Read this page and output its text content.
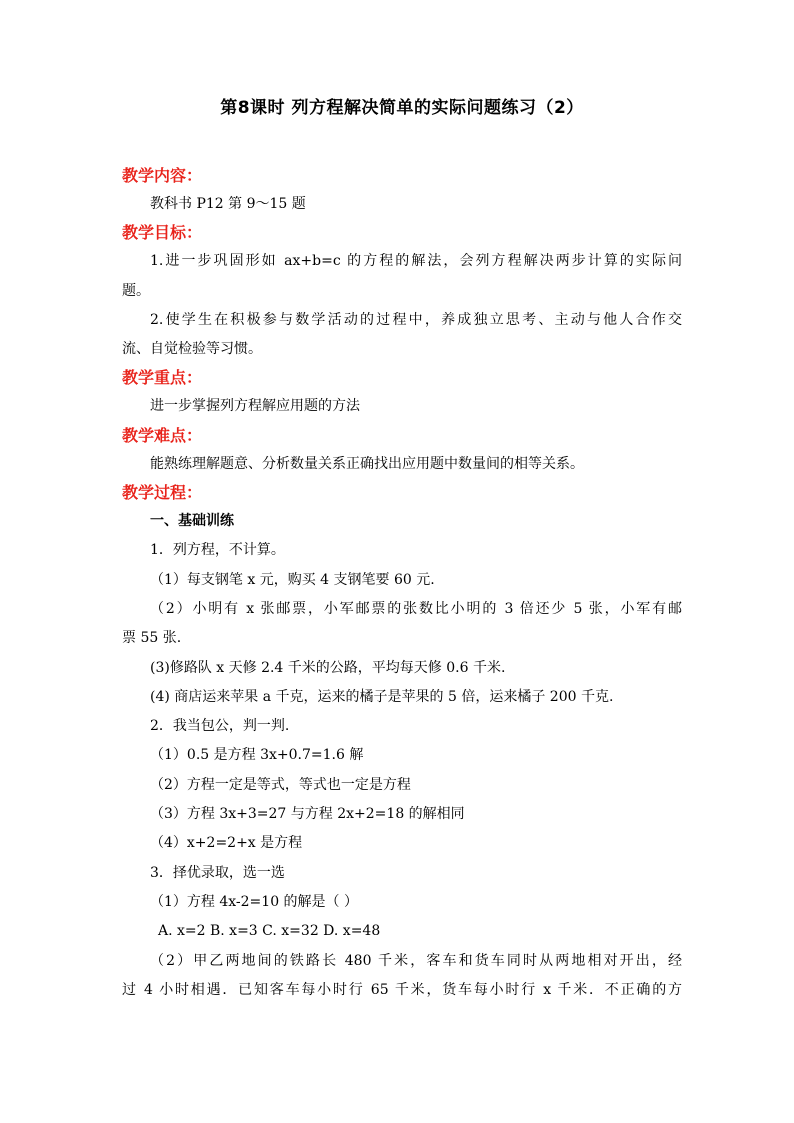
第8课时 列方程解决简单的实际问题练习（2）
教学内容：
教科书 P12 第 9～15 题
教学目标：
1.进一步巩固形如 ax+b=c 的方程的解法，会列方程解决两步计算的实际问
题。
2.使学生在积极参与数学活动的过程中，养成独立思考、主动与他人合作交
流、自觉检验等习惯。
教学重点：
进一步掌握列方程解应用题的方法
教学难点：
能熟练理解题意、分析数量关系正确找出应用题中数量间的相等关系。
教学过程：
一、基础训练
1．列方程，不计算。
（1）每支钢笔 x 元，购买 4 支钢笔要 60 元.
（2）小明有 x 张邮票，小军邮票的张数比小明的 3 倍还少 5 张，小军有邮
票 55 张.
(3)修路队 x 天修 2.4 千米的公路，平均每天修 0.6 千米.
(4) 商店运来苹果 a 千克，运来的橘子是苹果的 5 倍，运来橘子 200 千克.
2．我当包公，判一判.
（1）0.5 是方程 3x+0.7=1.6 解
（2）方程一定是等式，等式也一定是方程
（3）方程 3x+3=27 与方程 2x+2=18 的解相同
（4）x+2=2+x 是方程
3．择优录取，选一选
（1）方程 4x-2=10 的解是（ ）
A. x=2 B. x=3 C. x=32 D. x=48
（2）甲乙两地间的铁路长 480 千米，客车和货车同时从两地相对开出，经
过 4 小时相遇．已知客车每小时行 65 千米，货车每小时行 x 千米．不正确的方
